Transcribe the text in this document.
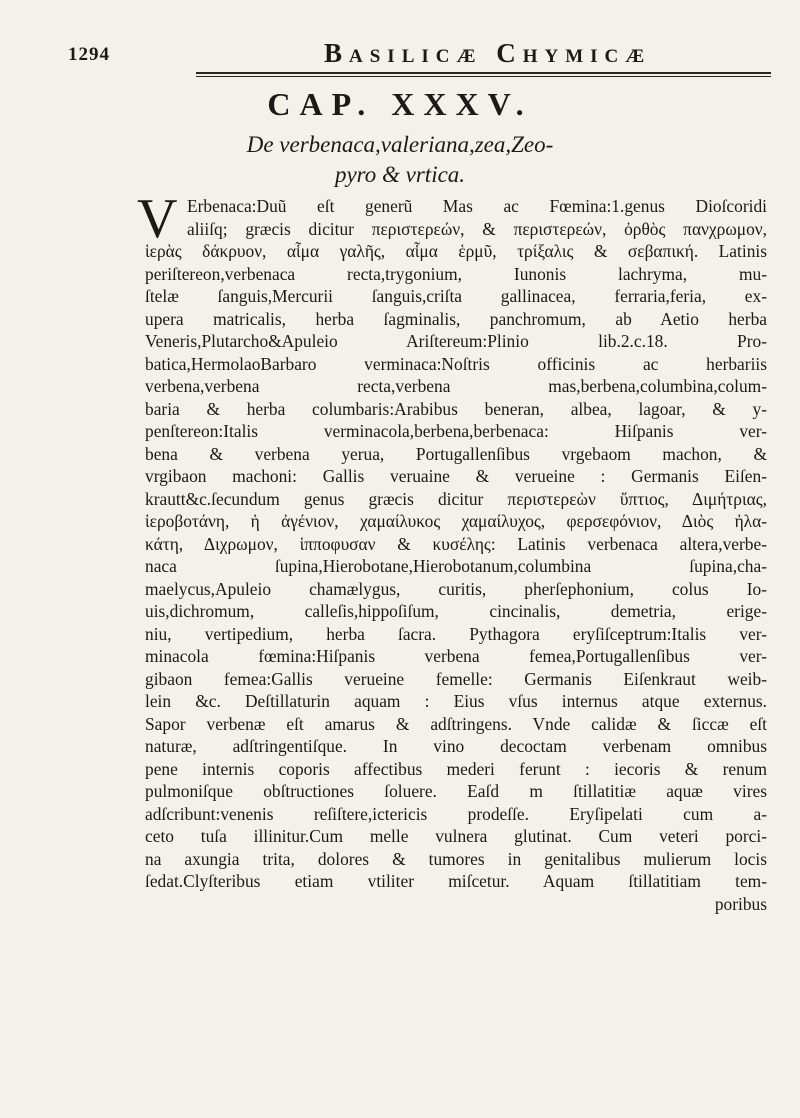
1294	Basilicæ Chymicæ
CAP. XXXV.
De verbenaca,valeriana,zea,Zeo-
pyro & vrtica.
V Erbenaca:Duũ eſt generũ Mas ac Fœmina:1.genus Dioſcoridi
aliiſq; græcis dicitur περιστερεών, & περιστερεών, ὀρθὸς πανχρωμον,
ἱερὰς δάκρυον, αἷμα γαλῆς, αἷμα ἑρμῦ, τρίξαλις & σεβαπική. Latinis
periſtereon,verbenaca recta,trygonium, Iunonis lachryma, mu-
ſtelæ ſanguis,Mercurii ſanguis,criſta gallinacea, ferraria,feria, ex-
upera matricalis, herba ſagminalis, panchromum, ab Aetio herba
Veneris,Plutarcho&Apuleio Ariſtereum:Plinio lib.2.c.18. Pro-
batica,HermolaoBarbaro verminaca:Noſtris officinis ac herbariis
verbena,verbena recta,verbena mas,berbena,columbina,colum-
baria & herba columbaris:Arabibus beneran, albea, lagoar, & y-
penſtereon:Italis verminacola,berbena,berbenaca: Hiſpanis ver-
bena & verbena yerua, Portugallenſibus vrgebaom machon, &
vrgibaon machoni: Gallis veruaine & verueine : Germanis Eiſen-
krautt&c.ſecundum genus græcis dicitur περιστερεὼν ὕπτιος, Διμήτριας,
ἱερoβοτάνη, ἡ ἀγένιον, χαμαίλυκος χαμαίλυχος, φερσεφόνιον, Διὸς ἠλα-
κάτη, Διχρωμον, ἱπποφυσαν & κυσέλης: Latinis verbenaca altera,verbe-
naca ſupina,Hierobotane,Hierobotanum,columbina ſupina,cha-
maelycus,Apuleio chamælygus, curitis, pherſephonium, colus Io-
uis,dichromum, calleſis,hippoſiſum, cincinalis, demetria, erige-
niu, vertipedium, herba ſacra. Pythagora eryſiſceptrum:Italis ver-
minacola fœmina:Hiſpanis verbena femea,Portugallenſibus ver-
gibaon femea:Gallis verueine femelle: Germanis Eiſenkraut weib-
lein &c. Deſtillaturin aquam : Eius vſus internus atque externus.
Sapor verbenæ eſt amarus & adſtringens. Vnde calidæ & ſiccæ eſt
naturæ, adſtringentiſque. In vino decoctam verbenam omnibus
pene internis coporis affectibus mederi ferunt : iecoris & renum
pulmoniſque obſtructiones ſoluere. Eaſd m ſtillatitiæ aquæ vires
adſcribunt:venenis reſiſtere,ictericis prodeſſe. Eryſipelati cum a-
ceto tuſa illinitur.Cum melle vulnera glutinat. Cum veteri porci-
na axungia trita, dolores & tumores in genitalibus mulierum locis
ſedat.Clyſteribus etiam vtiliter miſcetur. Aquam ſtillatitiam tem-
poribus
